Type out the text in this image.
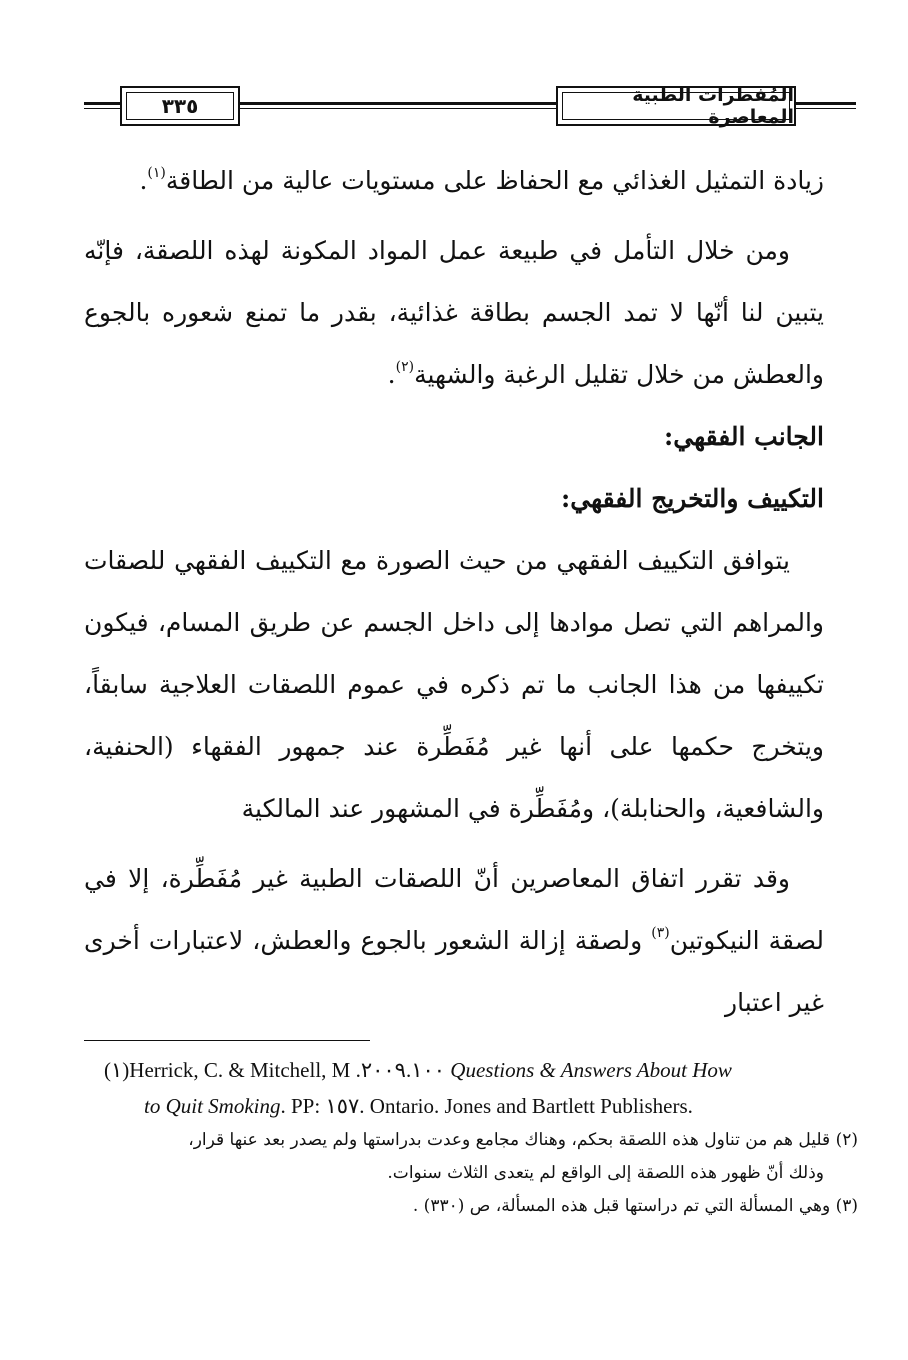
٣٣٥	المُفطرات الطبية المعاصرة

زيادة التمثيل الغذائي مع الحفاظ على مستويات عالية من الطاقة$^{(١)}$.

ومن خلال التأمل في طبيعة عمل المواد المكونة لهذه اللصقة، فإنّه يتبين لنا أنّها لا تمد الجسم بطاقة غذائية، بقدر ما تمنع شعوره بالجوع والعطش من خلال تقليل الرغبة والشهية$^{(٢)}$.

الجانب الفقهي:

التكييف والتخريج الفقهي:

يتوافق التكييف الفقهي من حيث الصورة مع التكييف الفقهي للصقات والمراهم التي تصل موادها إلى داخل الجسم عن طريق المسام، فيكون تكييفها من هذا الجانب ما تم ذكره في عموم اللصقات العلاجية سابقاً، ويتخرج حكمها على أنها غير مُفَطِّرة عند جمهور الفقهاء (الحنفية، والشافعية، والحنابلة)، ومُفَطِّرة في المشهور عند المالكية

وقد تقرر اتفاق المعاصرين أنّ اللصقات الطبية غير مُفَطِّرة، إلا في لصقة النيكوتين$^{(٣)}$ ولصقة إزالة الشعور بالجوع والعطش، لاعتبارات أخرى غير اعتبار

(١)Herrick, C. & Mitchell, M .٢٠٠٩.١٠٠ Questions & Answers About How
to Quit Smoking. PP: ١٥٧. Ontario. Jones and Bartlett Publishers.

(٢) قليل هم من تناول هذه اللصقة بحكم، وهناك مجامع وعدت بدراستها ولم يصدر بعد عنها قرار،
وذلك أنّ ظهور هذه اللصقة إلى الواقع لم يتعدى الثلاث سنوات.

(٣) وهي المسألة التي تم دراستها قبل هذه المسألة، ص (٣٣٠) .
